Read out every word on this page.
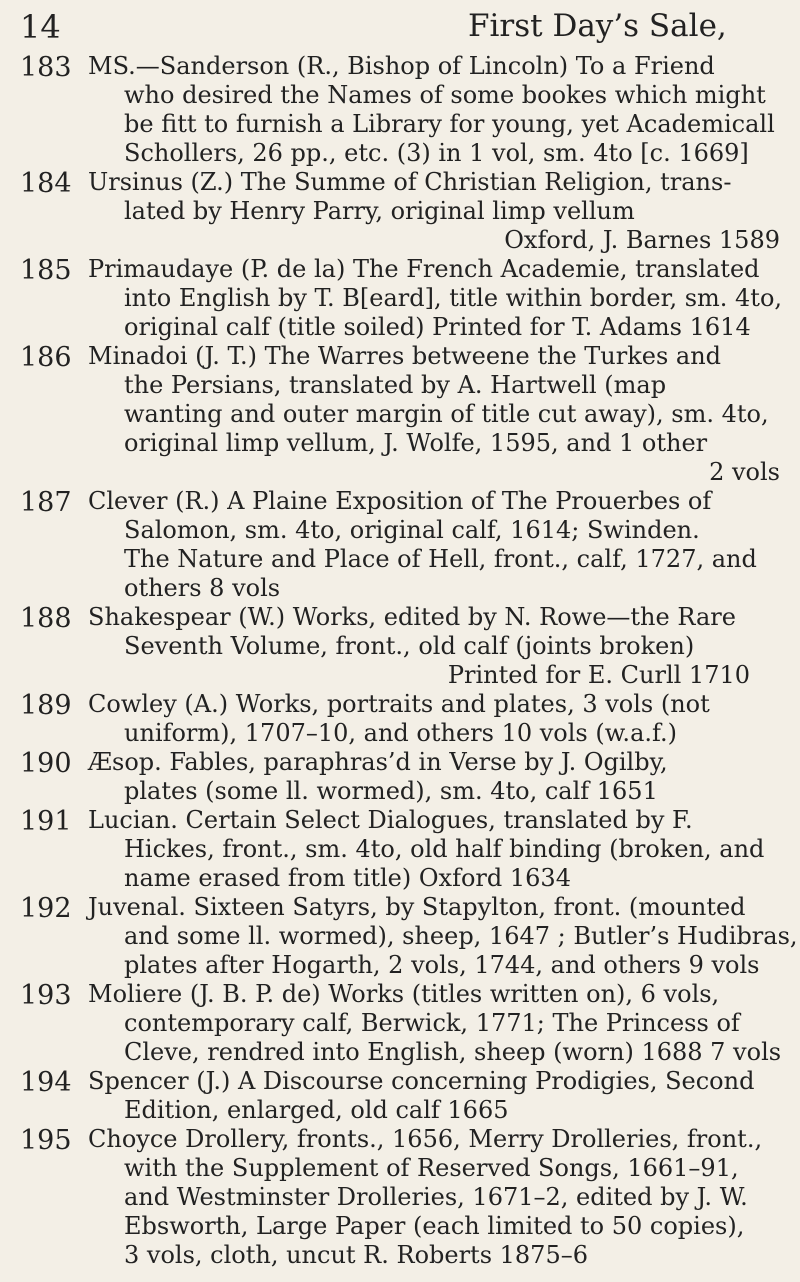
14	First Day’s Sale,
183 MS.—Sanderson (R., Bishop of Lincoln) To a Friend
who desired the Names of some bookes which might
be fitt to furnish a Library for young, yet Academicall
Schollers, 26 pp., etc. (3) in 1 vol, sm. 4to [c. 1669]
184 Ursinus (Z.) The Summe of Christian Religion, trans-
lated by Henry Parry, original limp vellum
Oxford, J. Barnes 1589
185 Primaudaye (P. de la) The French Academie, translated
into English by T. B[eard], title within border, sm. 4to,
original calf (title soiled) Printed for T. Adams 1614
186 Minadoi (J. T.) The Warres betweene the Turkes and
the Persians, translated by A. Hartwell (map
wanting and outer margin of title cut away), sm. 4to,
original limp vellum, J. Wolfe, 1595, and 1 other
2 vols
187 Clever (R.) A Plaine Exposition of The Prouerbes of
Salomon, sm. 4to, original calf, 1614; Swinden.
The Nature and Place of Hell, front., calf, 1727, and
others 8 vols
188 Shakespear (W.) Works, edited by N. Rowe—the Rare
Seventh Volume, front., old calf (joints broken)
Printed for E. Curll 1710
189 Cowley (A.) Works, portraits and plates, 3 vols (not
uniform), 1707–10, and others 10 vols (w.a.f.)
190 Æsop. Fables, paraphras’d in Verse by J. Ogilby,
plates (some ll. wormed), sm. 4to, calf 1651
191 Lucian. Certain Select Dialogues, translated by F.
Hickes, front., sm. 4to, old half binding (broken, and
name erased from title) Oxford 1634
192 Juvenal. Sixteen Satyrs, by Stapylton, front. (mounted
and some ll. wormed), sheep, 1647 ; Butler’s Hudibras,
plates after Hogarth, 2 vols, 1744, and others 9 vols
193 Moliere (J. B. P. de) Works (titles written on), 6 vols,
contemporary calf, Berwick, 1771; The Princess of
Cleve, rendred into English, sheep (worn) 1688 7 vols
194 Spencer (J.) A Discourse concerning Prodigies, Second
Edition, enlarged, old calf 1665
195 Choyce Drollery, fronts., 1656, Merry Drolleries, front.,
with the Supplement of Reserved Songs, 1661–91,
and Westminster Drolleries, 1671–2, edited by J. W.
Ebsworth, Large Paper (each limited to 50 copies),
3 vols, cloth, uncut R. Roberts 1875–6
